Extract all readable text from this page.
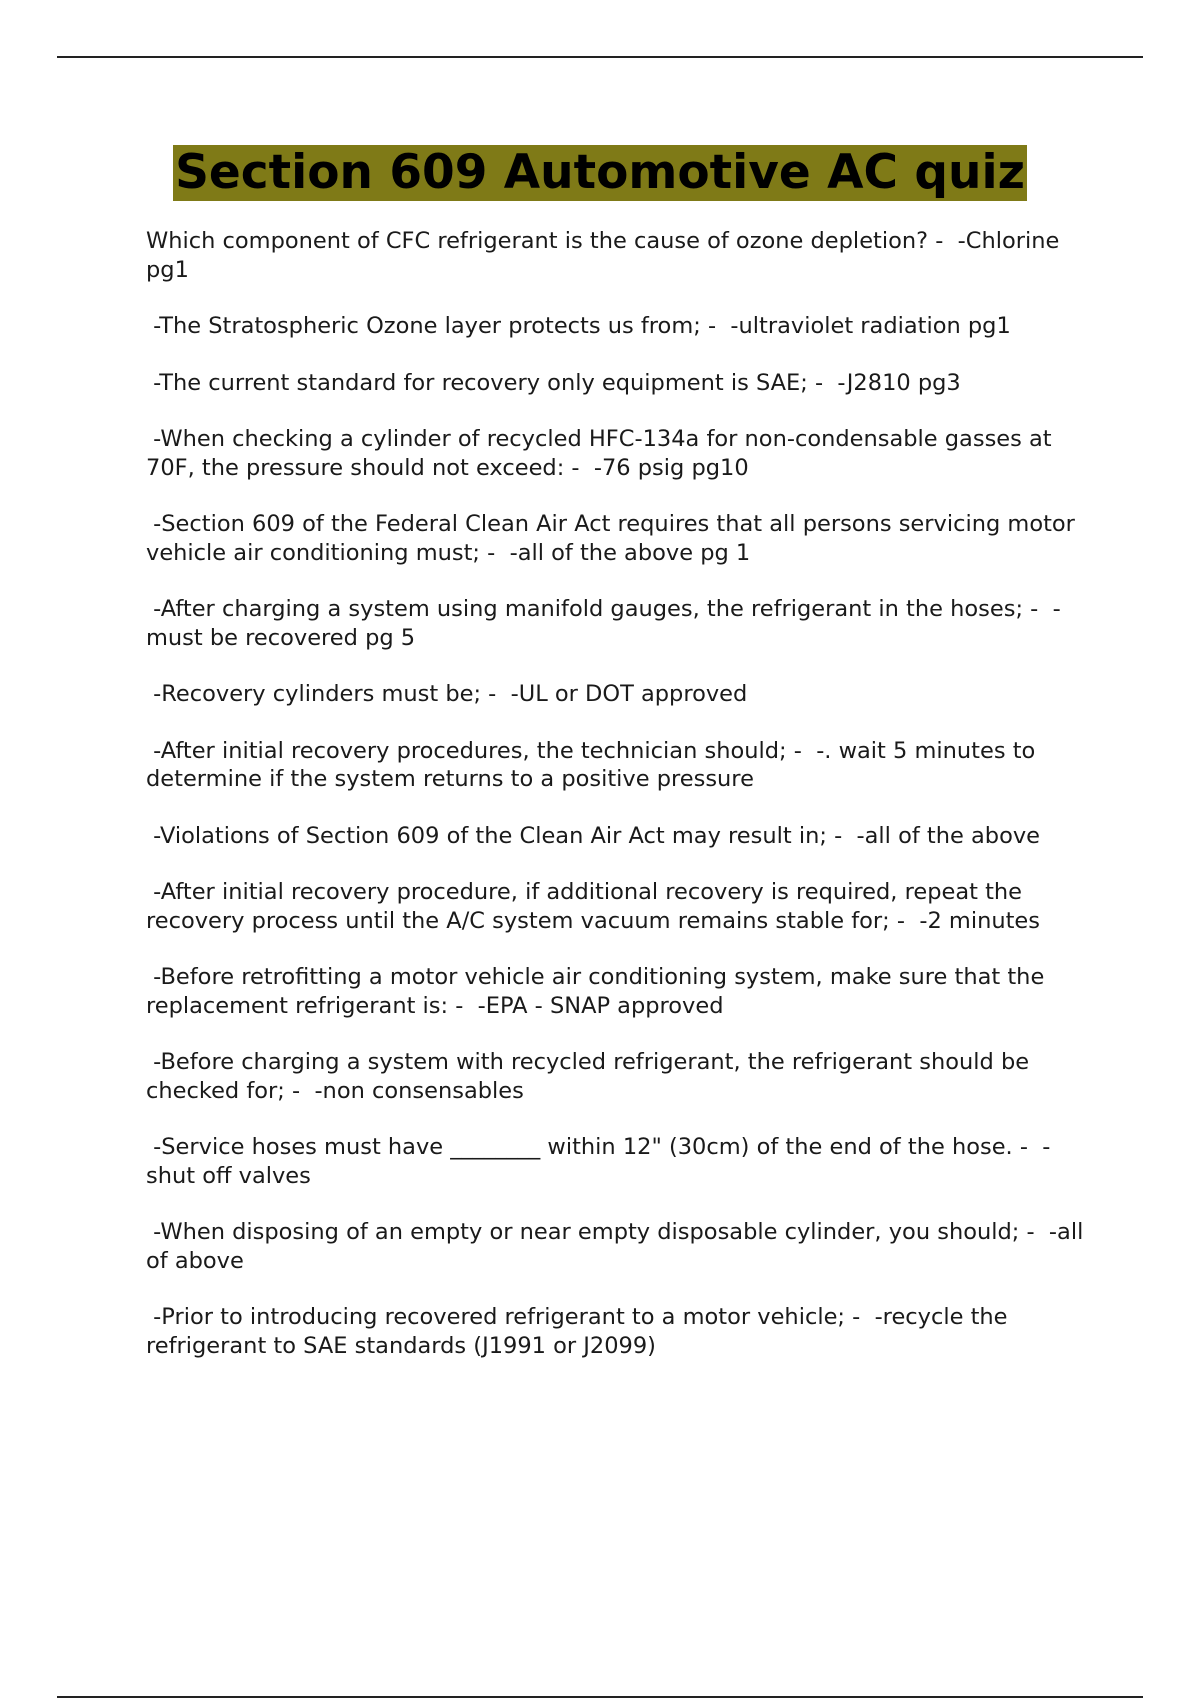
Section 609 Automotive AC quiz

Which component of CFC refrigerant is the cause of ozone depletion? -  -Chlorine pg1

-The Stratospheric Ozone layer protects us from; -  -ultraviolet radiation pg1

-The current standard for recovery only equipment is SAE; -  -J2810 pg3

-When checking a cylinder of recycled HFC-134a for non-condensable gasses at 70F, the pressure should not exceed: -  -76 psig pg10

-Section 609 of the Federal Clean Air Act requires that all persons servicing motor vehicle air conditioning must; -  -all of the above pg 1

-After charging a system using manifold gauges, the refrigerant in the hoses; -  -must be recovered pg 5

-Recovery cylinders must be; -  -UL or DOT approved

-After initial recovery procedures, the technician should; -  -. wait 5 minutes to determine if the system returns to a positive pressure

-Violations of Section 609 of the Clean Air Act may result in; -  -all of the above

-After initial recovery procedure, if additional recovery is required, repeat the recovery process until the A/C system vacuum remains stable for; -  -2 minutes

-Before retrofitting a motor vehicle air conditioning system, make sure that the replacement refrigerant is: -  -EPA - SNAP approved

-Before charging a system with recycled refrigerant, the refrigerant should be checked for; -  -non consensables

-Service hoses must have ________ within 12" (30cm) of the end of the hose. -  -shut off valves

-When disposing of an empty or near empty disposable cylinder, you should; -  -all of above

-Prior to introducing recovered refrigerant to a motor vehicle; -  -recycle the refrigerant to SAE standards (J1991 or J2099)
